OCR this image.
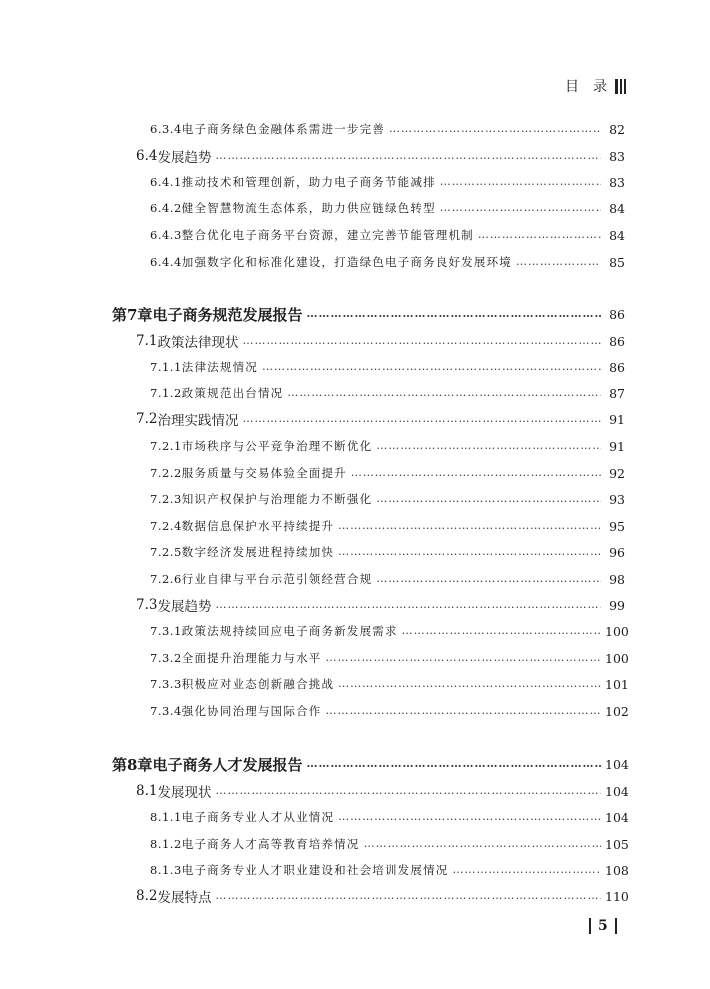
目　录
6.3.4 电子商务绿色金融体系需进一步完善 ……………………………………………………………………………………………………………………………………………………………………	82
6.4 发展趋势 ……………………………………………………………………………………………………………………………………………………………………	83
6.4.1 推动技术和管理创新，助力电子商务节能减排 ……………………………………………………………………………………………………………………………………………………………………	83
6.4.2 健全智慧物流生态体系，助力供应链绿色转型 ……………………………………………………………………………………………………………………………………………………………………	84
6.4.3 整合优化电子商务平台资源，建立完善节能管理机制 ……………………………………………………………………………………………………………………………………………………………………	84
6.4.4 加强数字化和标准化建设，打造绿色电子商务良好发展环境 ……………………………………………………………………………………………………………………………………………………………………	85
第7章 电子商务规范发展报告 ……………………………………………………………………………………………………………………………………………………………………	86
7.1 政策法律现状 ……………………………………………………………………………………………………………………………………………………………………	86
7.1.1 法律法规情况 ……………………………………………………………………………………………………………………………………………………………………	86
7.1.2 政策规范出台情况 ……………………………………………………………………………………………………………………………………………………………………	87
7.2 治理实践情况 ……………………………………………………………………………………………………………………………………………………………………	91
7.2.1 市场秩序与公平竞争治理不断优化 ……………………………………………………………………………………………………………………………………………………………………	91
7.2.2 服务质量与交易体验全面提升 ……………………………………………………………………………………………………………………………………………………………………	92
7.2.3 知识产权保护与治理能力不断强化 ……………………………………………………………………………………………………………………………………………………………………	93
7.2.4 数据信息保护水平持续提升 ……………………………………………………………………………………………………………………………………………………………………	95
7.2.5 数字经济发展进程持续加快 ……………………………………………………………………………………………………………………………………………………………………	96
7.2.6 行业自律与平台示范引领经营合规 ……………………………………………………………………………………………………………………………………………………………………	98
7.3 发展趋势 ……………………………………………………………………………………………………………………………………………………………………	99
7.3.1 政策法规持续回应电子商务新发展需求 ……………………………………………………………………………………………………………………………………………………………………	100
7.3.2 全面提升治理能力与水平 ……………………………………………………………………………………………………………………………………………………………………	100
7.3.3 积极应对业态创新融合挑战 ……………………………………………………………………………………………………………………………………………………………………	101
7.3.4 强化协同治理与国际合作 ……………………………………………………………………………………………………………………………………………………………………	102
第8章 电子商务人才发展报告 ……………………………………………………………………………………………………………………………………………………………………	104
8.1 发展现状 ……………………………………………………………………………………………………………………………………………………………………	104
8.1.1 电子商务专业人才从业情况 ……………………………………………………………………………………………………………………………………………………………………	104
8.1.2 电子商务人才高等教育培养情况 ……………………………………………………………………………………………………………………………………………………………………	105
8.1.3 电子商务专业人才职业建设和社会培训发展情况 ……………………………………………………………………………………………………………………………………………………………………	108
8.2 发展特点 ……………………………………………………………………………………………………………………………………………………………………	110
5
